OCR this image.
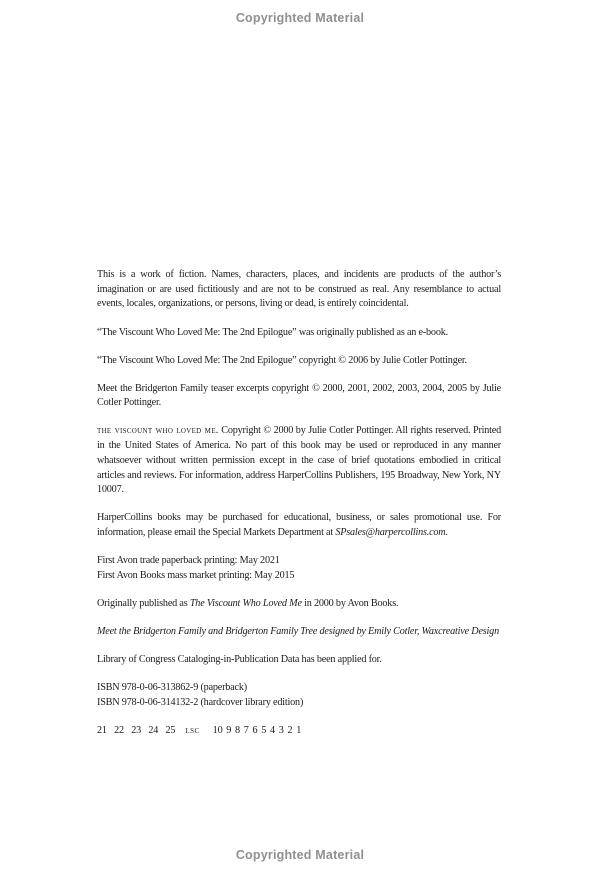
Copyrighted Material

This is a work of fiction. Names, characters, places, and incidents are products of the author’s imagination or are used fictitiously and are not to be construed as real. Any resemblance to actual events, locales, organizations, or persons, living or dead, is entirely coincidental.

“The Viscount Who Loved Me: The 2nd Epilogue” was originally published as an e-book.

“The Viscount Who Loved Me: The 2nd Epilogue” copyright © 2006 by Julie Cotler Pottinger.

Meet the Bridgerton Family teaser excerpts copyright © 2000, 2001, 2002, 2003, 2004, 2005 by Julie Cotler Pottinger.

the viscount who loved me. Copyright © 2000 by Julie Cotler Pottinger. All rights reserved. Printed in the United States of America. No part of this book may be used or reproduced in any manner whatsoever without written permission except in the case of brief quotations embodied in critical articles and reviews. For information, address HarperCollins Publishers, 195 Broadway, New York, NY 10007.

HarperCollins books may be purchased for educational, business, or sales promotional use. For information, please email the Special Markets Department at SPsales@harpercollins.com.

First Avon trade paperback printing: May 2021
First Avon Books mass market printing: May 2015

Originally published as The Viscount Who Loved Me in 2000 by Avon Books.

Meet the Bridgerton Family and Bridgerton Family Tree designed by Emily Cotler, Waxcreative Design

Library of Congress Cataloging-in-Publication Data has been applied for.

ISBN 978-0-06-313862-9 (paperback)
ISBN 978-0-06-314132-2 (hardcover library edition)

21 22 23 24 25 lsc 10 9 8 7 6 5 4 3 2 1

Copyrighted Material
